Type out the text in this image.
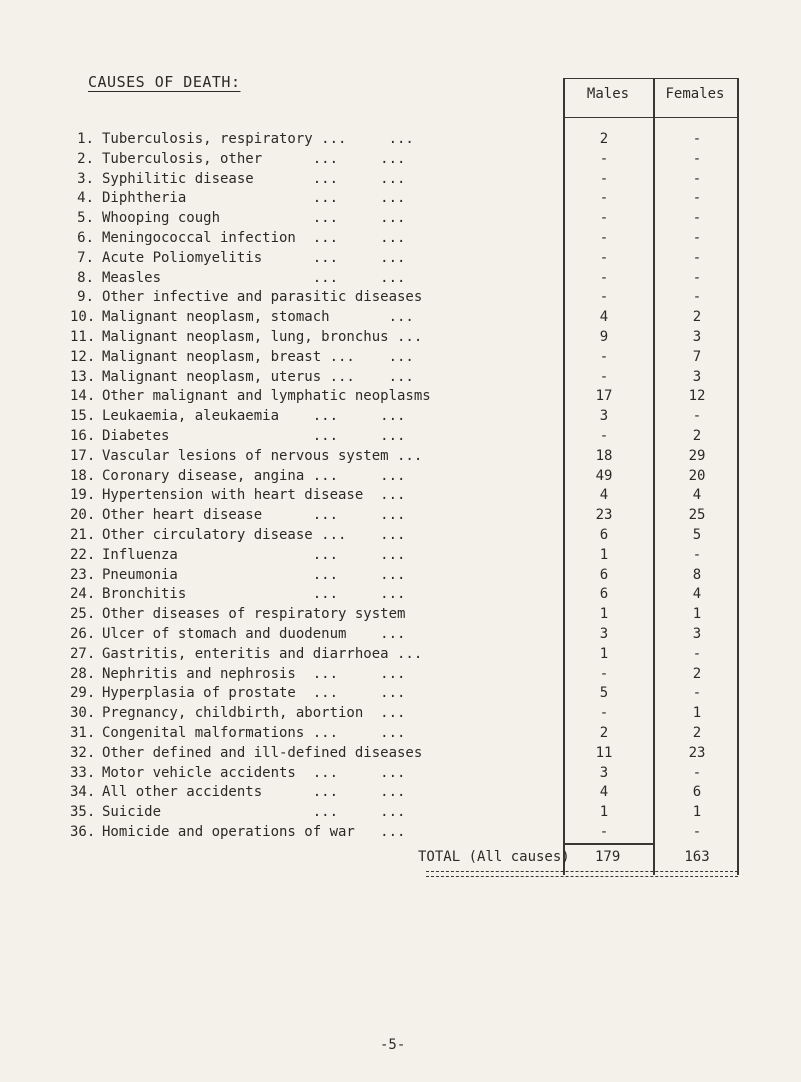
CAUSES OF DEATH:
Males	Females
1. Tuberculosis, respiratory ...     ...	2	-
2. Tuberculosis, other      ...     ...	-	-
3. Syphilitic disease       ...     ...	-	-
4. Diphtheria               ...     ...	-	-
5. Whooping cough           ...     ...	-	-
6. Meningococcal infection  ...     ...	-	-
7. Acute Poliomyelitis      ...     ...	-	-
8. Measles                  ...     ...	-	-
9. Other infective and parasitic diseases	-	-
10. Malignant neoplasm, stomach       ...	4	2
11. Malignant neoplasm, lung, bronchus ...	9	3
12. Malignant neoplasm, breast ...    ...	-	7
13. Malignant neoplasm, uterus ...    ...	-	3
14. Other malignant and lymphatic neoplasms	17	12
15. Leukaemia, aleukaemia    ...     ...	3	-
16. Diabetes                 ...     ...	-	2
17. Vascular lesions of nervous system ...	18	29
18. Coronary disease, angina ...     ...	49	20
19. Hypertension with heart disease  ...	4	4
20. Other heart disease      ...     ...	23	25
21. Other circulatory disease ...    ...	6	5
22. Influenza                ...     ...	1	-
23. Pneumonia                ...     ...	6	8
24. Bronchitis               ...     ...	6	4
25. Other diseases of respiratory system	1	1
26. Ulcer of stomach and duodenum    ...	3	3
27. Gastritis, enteritis and diarrhoea ...	1	-
28. Nephritis and nephrosis  ...     ...	-	2
29. Hyperplasia of prostate  ...     ...	5	-
30. Pregnancy, childbirth, abortion  ...	-	1
31. Congenital malformations ...     ...	2	2
32. Other defined and ill-defined diseases	11	23
33. Motor vehicle accidents  ...     ...	3	-
34. All other accidents      ...     ...	4	6
35. Suicide                  ...     ...	1	1
36. Homicide and operations of war   ...	-	-
TOTAL (All causes) 179	163
-5-
